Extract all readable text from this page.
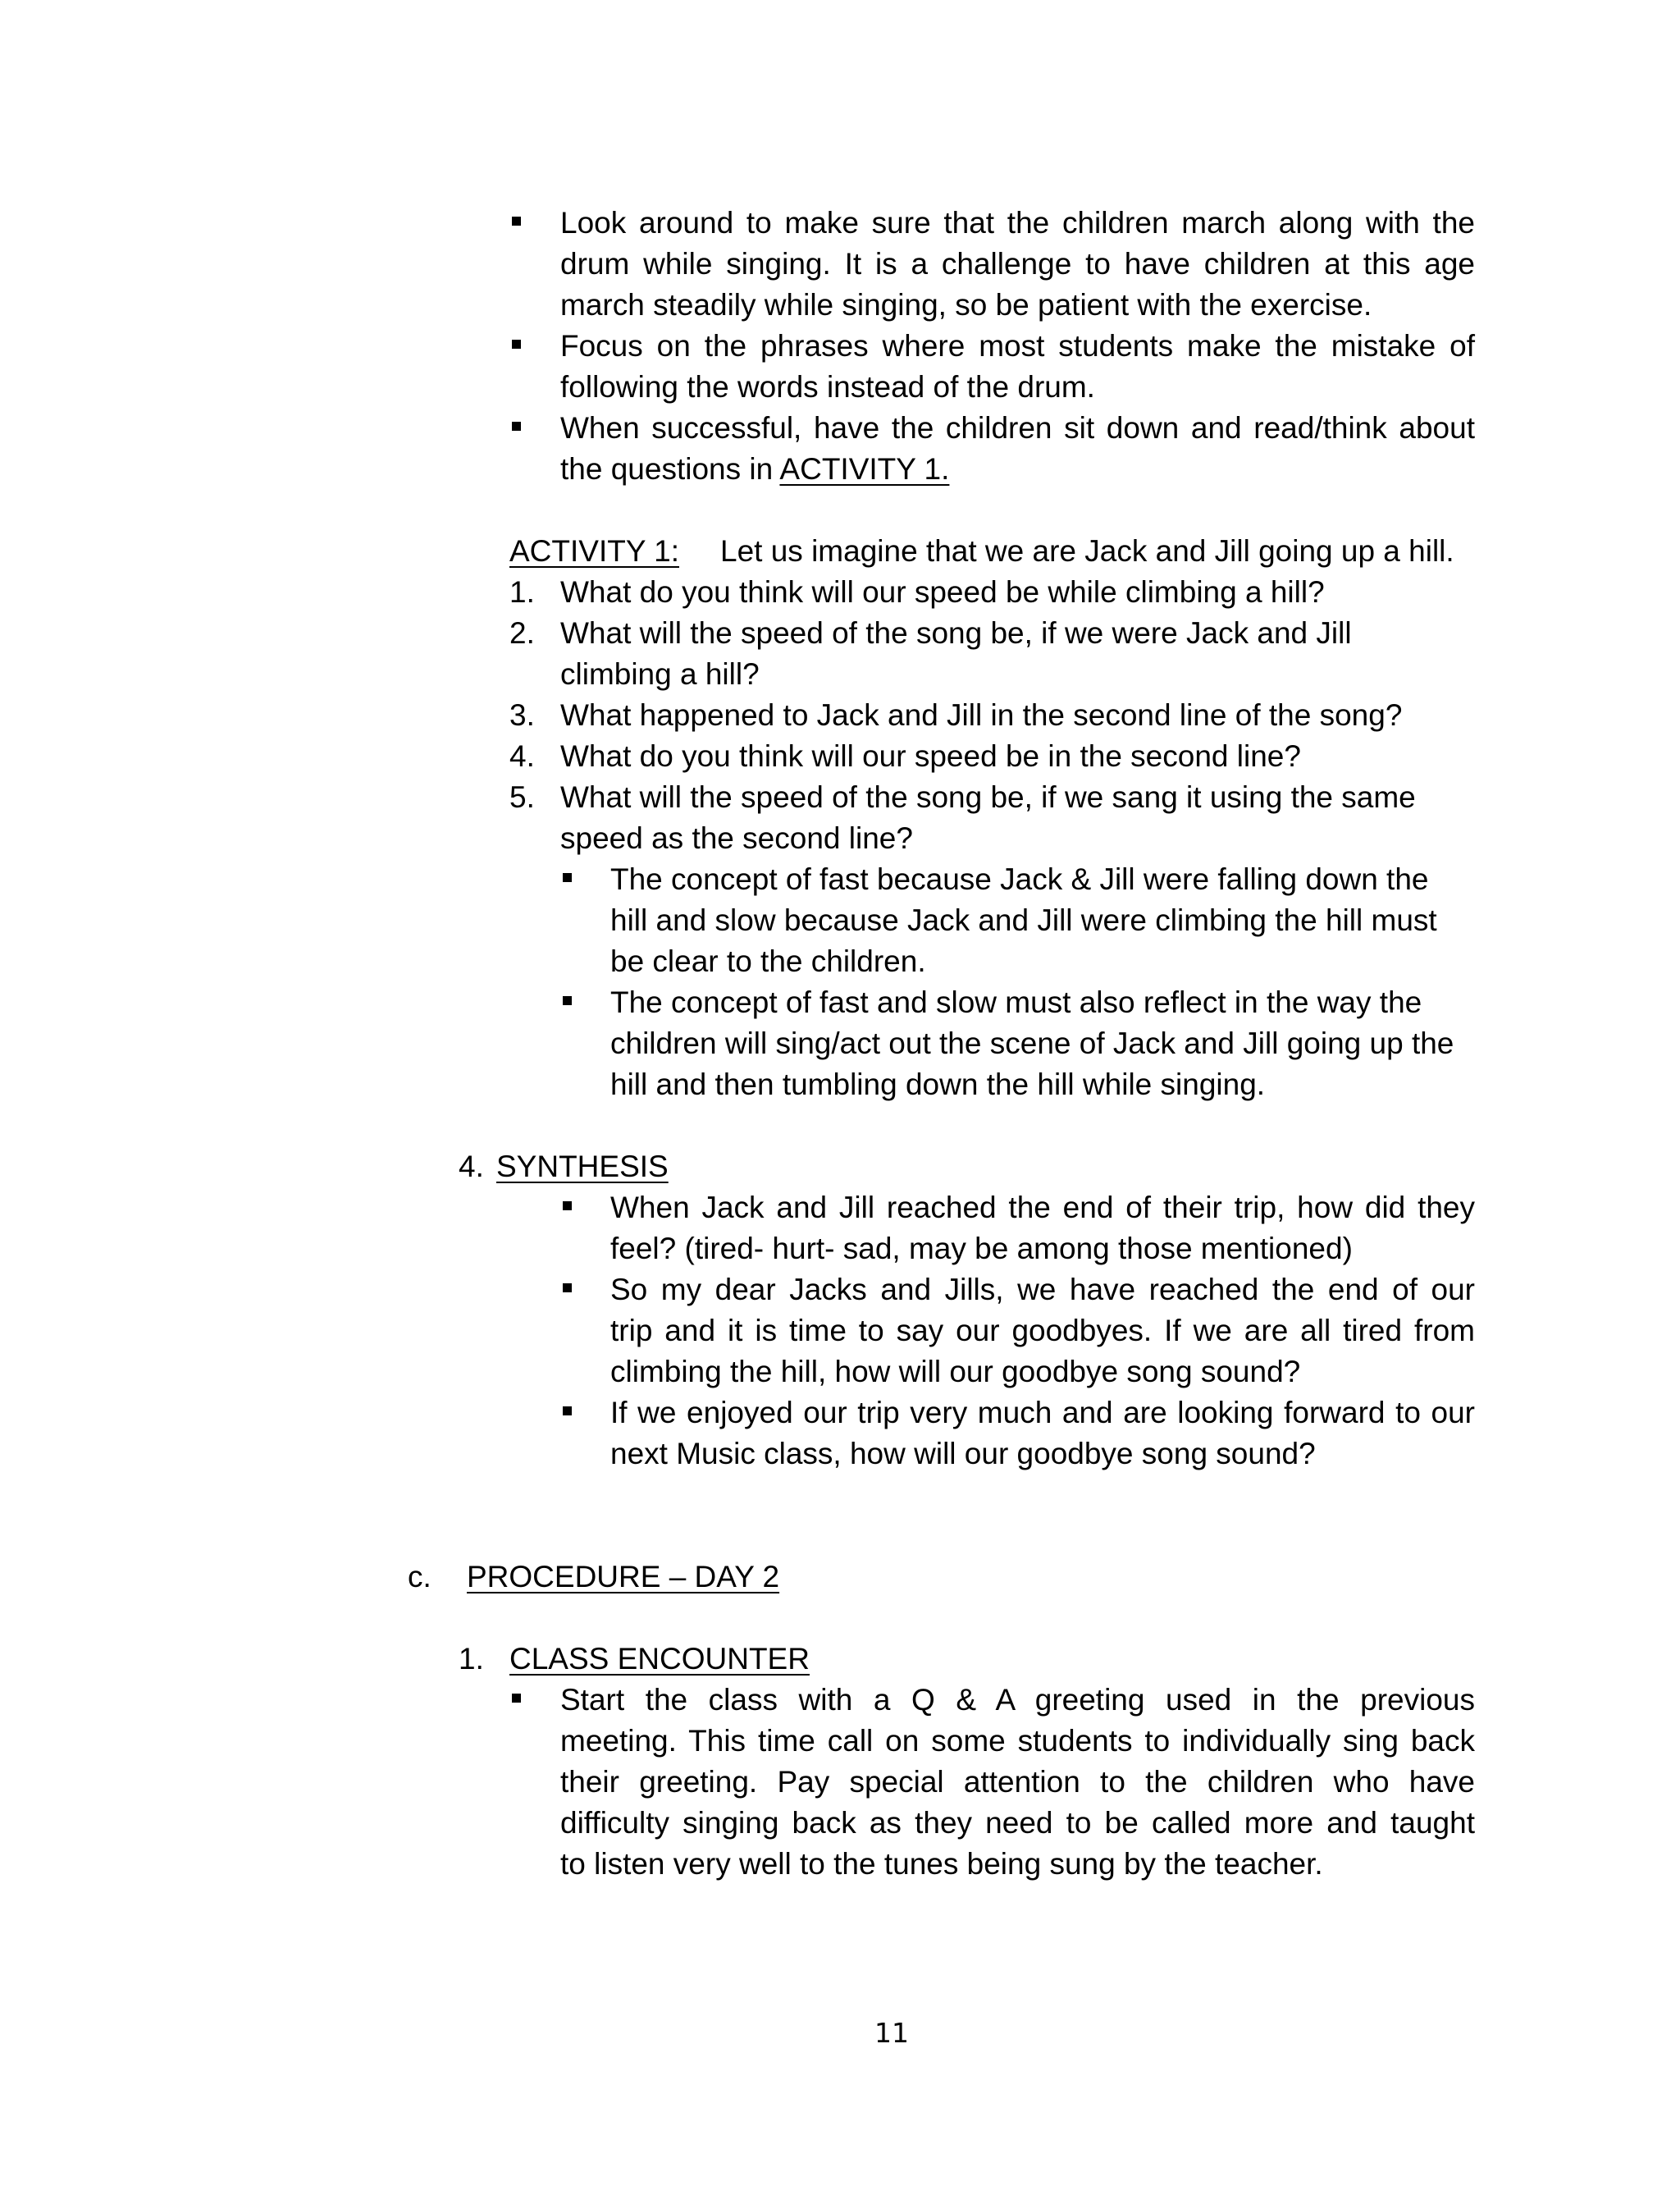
Look around to make sure that the children march along with the
drum while singing. It is a challenge to have children at this age
march steadily while singing, so be patient with the exercise.
Focus on the phrases where most students make the mistake of
following the words instead of the drum.
When successful, have the children sit down and read/think about
the questions in ACTIVITY 1.
ACTIVITY 1: Let us imagine that we are Jack and Jill going up a hill.
1. What do you think will our speed be while climbing a hill?
2. What will the speed of the song be, if we were Jack and Jill
climbing a hill?
3. What happened to Jack and Jill in the second line of the song?
4. What do you think will our speed be in the second line?
5. What will the speed of the song be, if we sang it using the same
speed as the second line?
The concept of fast because Jack & Jill were falling down the
hill and slow because Jack and Jill were climbing the hill must
be clear to the children.
The concept of fast and slow must also reflect in the way the
children will sing/act out the scene of Jack and Jill going up the
hill and then tumbling down the hill while singing.
4. SYNTHESIS
When Jack and Jill reached the end of their trip, how did they
feel? (tired- hurt- sad, may be among those mentioned)
So my dear Jacks and Jills, we have reached the end of our
trip and it is time to say our goodbyes. If we are all tired from
climbing the hill, how will our goodbye song sound?
If we enjoyed our trip very much and are looking forward to our
next Music class, how will our goodbye song sound?
c. PROCEDURE – DAY 2
1. CLASS ENCOUNTER
Start the class with a Q & A greeting used in the previous
meeting. This time call on some students to individually sing back
their greeting. Pay special attention to the children who have
difficulty singing back as they need to be called more and taught
to listen very well to the tunes being sung by the teacher.
11
